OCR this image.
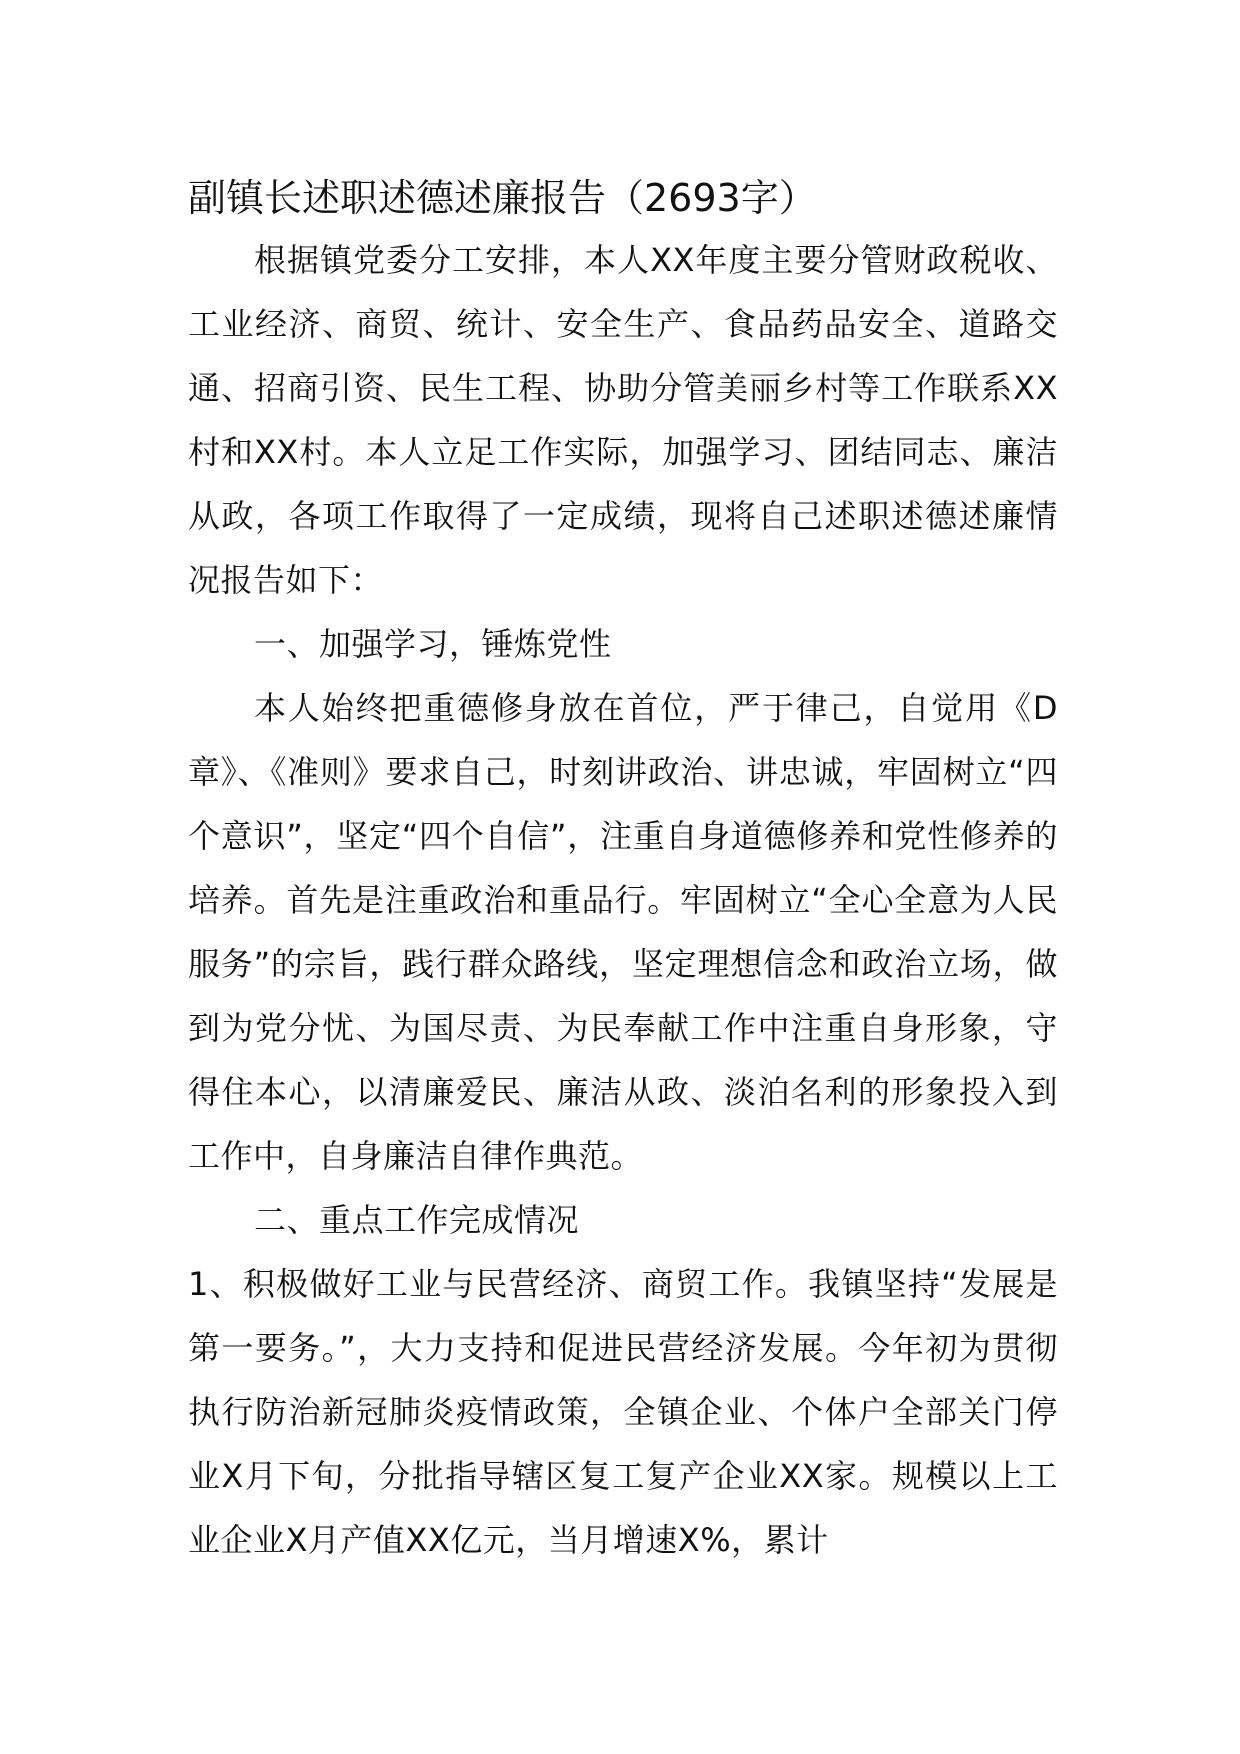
副镇长述职述德述廉报告（2693字）

根据镇党委分工安排，本人XX年度主要分管财政税收、工业经济、商贸、统计、安全生产、食品药品安全、道路交通、招商引资、民生工程、协助分管美丽乡村等工作联系XX村和XX村。本人立足工作实际，加强学习、团结同志、廉洁从政，各项工作取得了一定成绩，现将自己述职述德述廉情况报告如下：

一、加强学习，锤炼党性

本人始终把重德修身放在首位，严于律己，自觉用《D章》、《准则》要求自己，时刻讲政治、讲忠诚，牢固树立“四个意识”，坚定“四个自信”，注重自身道德修养和党性修养的培养。首先是注重政治和重品行。牢固树立“全心全意为人民服务”的宗旨，践行群众路线，坚定理想信念和政治立场，做到为党分忧、为国尽责、为民奉献工作中注重自身形象，守得住本心，以清廉爱民、廉洁从政、淡泊名利的形象投入到工作中，自身廉洁自律作典范。

二、重点工作完成情况

1、积极做好工业与民营经济、商贸工作。我镇坚持“发展是第一要务。”，大力支持和促进民营经济发展。今年初为贯彻执行防治新冠肺炎疫情政策，全镇企业、个体户全部关门停业X月下旬，分批指导辖区复工复产企业XX家。规模以上工业企业X月产值XX亿元，当月增速X%，累计
